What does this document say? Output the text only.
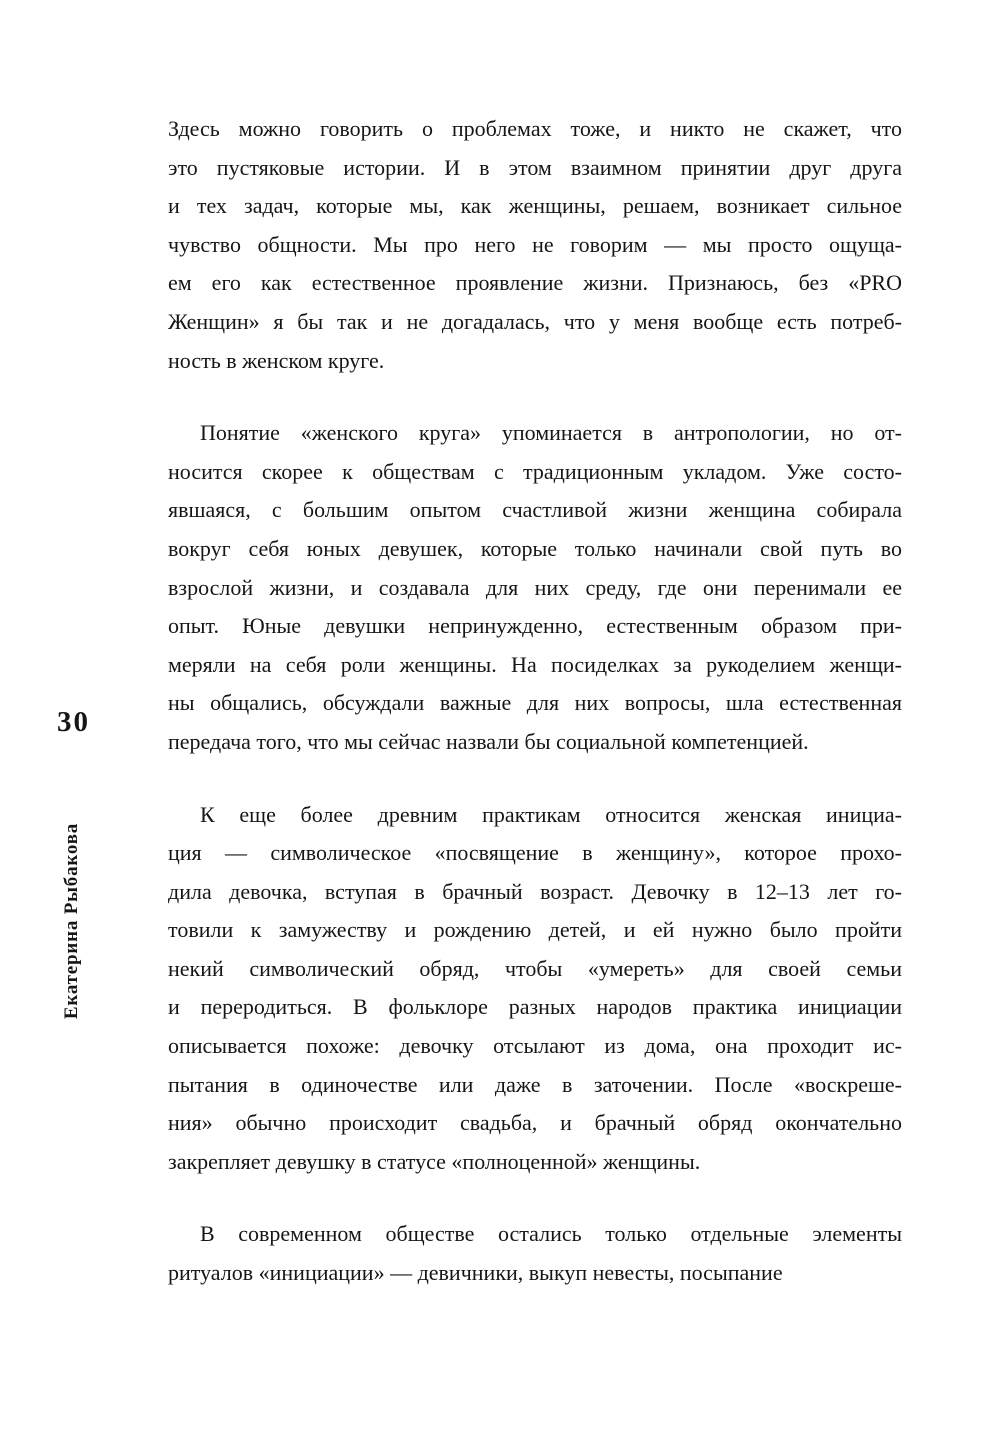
30
Екатерина Рыбакова
Здесь можно говорить о проблемах тоже, и никто не скажет, что
это пустяковые истории. И в этом взаимном принятии друг друга
и тех задач, которые мы, как женщины, решаем, возникает сильное
чувство общности. Мы про него не говорим — мы просто ощуща-
ем его как естественное проявление жизни. Признаюсь, без «PRO
Женщин» я бы так и не догадалась, что у меня вообще есть потреб-
ность в женском круге.
Понятие «женского круга» упоминается в антропологии, но от-
носится скорее к обществам с традиционным укладом. Уже состо-
явшаяся, с большим опытом счастливой жизни женщина собирала
вокруг себя юных девушек, которые только начинали свой путь во
взрослой жизни, и создавала для них среду, где они перенимали ее
опыт. Юные девушки непринужденно, естественным образом при-
меряли на себя роли женщины. На посиделках за рукоделием женщи-
ны общались, обсуждали важные для них вопросы, шла естественная
передача того, что мы сейчас назвали бы социальной компетенцией.
К еще более древним практикам относится женская инициа-
ция — символическое «посвящение в женщину», которое прохо-
дила девочка, вступая в брачный возраст. Девочку в 12–13 лет го-
товили к замужеству и рождению детей, и ей нужно было пройти
некий символический обряд, чтобы «умереть» для своей семьи
и переродиться. В фольклоре разных народов практика инициации
описывается похоже: девочку отсылают из дома, она проходит ис-
пытания в одиночестве или даже в заточении. После «воскреше-
ния» обычно происходит свадьба, и брачный обряд окончательно
закрепляет девушку в статусе «полноценной» женщины.
В современном обществе остались только отдельные элементы
ритуалов «инициации» — девичники, выкуп невесты, посыпание
